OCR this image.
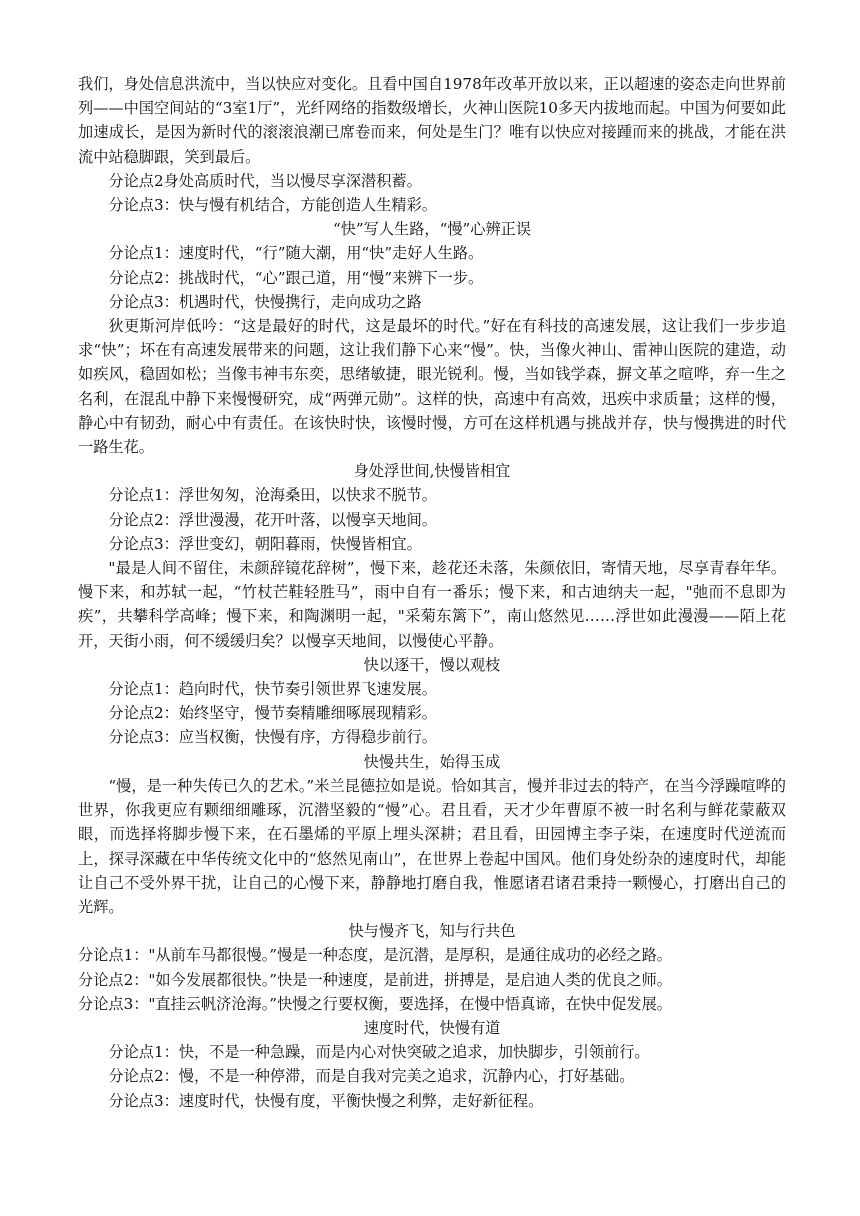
我们，身处信息洪流中，当以快应对变化。且看中国自1978年改革开放以来，正以超速的姿态走向世界前列——中国空间站的“3室1厅”，光纤网络的指数级增长，火神山医院10多天内拔地而起。中国为何要如此加速成长，是因为新时代的滚滚浪潮已席卷而来，何处是生门？唯有以快应对接踵而来的挑战，才能在洪流中站稳脚跟，笑到最后。

分论点2身处高质时代，当以慢尽享深潜积蓄。

分论点3：快与慢有机结合，方能创造人生精彩。

“快”写人生路，“慢”心辨正误

分论点1：速度时代，“行”随大潮，用“快”走好人生路。

分论点2：挑战时代，“心”跟己道，用“慢”来辨下一步。

分论点3：机遇时代，快慢携行，走向成功之路

狄更斯河岸低吟：“这是最好的时代，这是最坏的时代。”好在有科技的高速发展，这让我们一步步追求“快”；坏在有高速发展带来的问题，这让我们静下心来“慢”。快，当像火神山、雷神山医院的建造，动如疾风，稳固如松；当像韦神韦东奕，思绪敏捷，眼光锐利。慢，当如钱学森，摒文革之喧哗，弃一生之名利，在混乱中静下来慢慢研究，成“两弹元勋”。这样的快，高速中有高效，迅疾中求质量；这样的慢，静心中有韧劲，耐心中有责任。在该快时快，该慢时慢，方可在这样机遇与挑战并存，快与慢携进的时代一路生花。

身处浮世间,快慢皆相宜

分论点1：浮世匆匆，沧海桑田，以快求不脱节。

分论点2：浮世漫漫，花开叶落，以慢享天地间。

分论点3：浮世变幻，朝阳暮雨，快慢皆相宜。

"最是人间不留住，未颜辞镜花辞树”，慢下来，趁花还未落，朱颜依旧，寄情天地，尽享青春年华。慢下来，和苏轼一起，“竹杖芒鞋轻胜马”，雨中自有一番乐；慢下来，和古迪纳夫一起，"弛而不息即为疾”，共攀科学高峰；慢下来，和陶渊明一起，"采菊东篱下”，南山悠然见……浮世如此漫漫——陌上花开，天街小雨，何不缓缓归矣？以慢享天地间，以慢使心平静。

快以逐干，慢以观枝

分论点1：趋向时代，快节奏引领世界飞速发展。

分论点2：始终坚守，慢节奏精雕细啄展现精彩。

分论点3：应当权衡，快慢有序，方得稳步前行。

快慢共生，始得玉成

“慢，是一种失传已久的艺术。”米兰昆德拉如是说。恰如其言，慢并非过去的特产，在当今浮躁喧哗的世界，你我更应有颗细细雕琢，沉潜坚毅的“慢”心。君且看，天才少年曹原不被一时名利与鲜花蒙蔽双眼，而选择将脚步慢下来，在石墨烯的平原上埋头深耕；君且看，田园博主李子柒，在速度时代逆流而上，探寻深藏在中华传统文化中的“悠然见南山”，在世界上卷起中国风。他们身处纷杂的速度时代，却能让自己不受外界干扰，让自己的心慢下来，静静地打磨自我，惟愿诸君诸君秉持一颗慢心，打磨出自己的光辉。

快与慢齐飞，知与行共色

分论点1："从前车马都很慢。”慢是一种态度，是沉潜，是厚积，是通往成功的必经之路。

分论点2："如今发展都很快。”快是一种速度，是前进，拼搏是，是启迪人类的优良之师。

分论点3："直挂云帆济沧海。”快慢之行要权衡，要选择，在慢中悟真谛，在快中促发展。

速度时代，快慢有道

分论点1：快，不是一种急躁，而是内心对快突破之追求，加快脚步，引领前行。

分论点2：慢，不是一种停滞，而是自我对完美之追求，沉静内心，打好基础。

分论点3：速度时代，快慢有度，平衡快慢之利弊，走好新征程。
